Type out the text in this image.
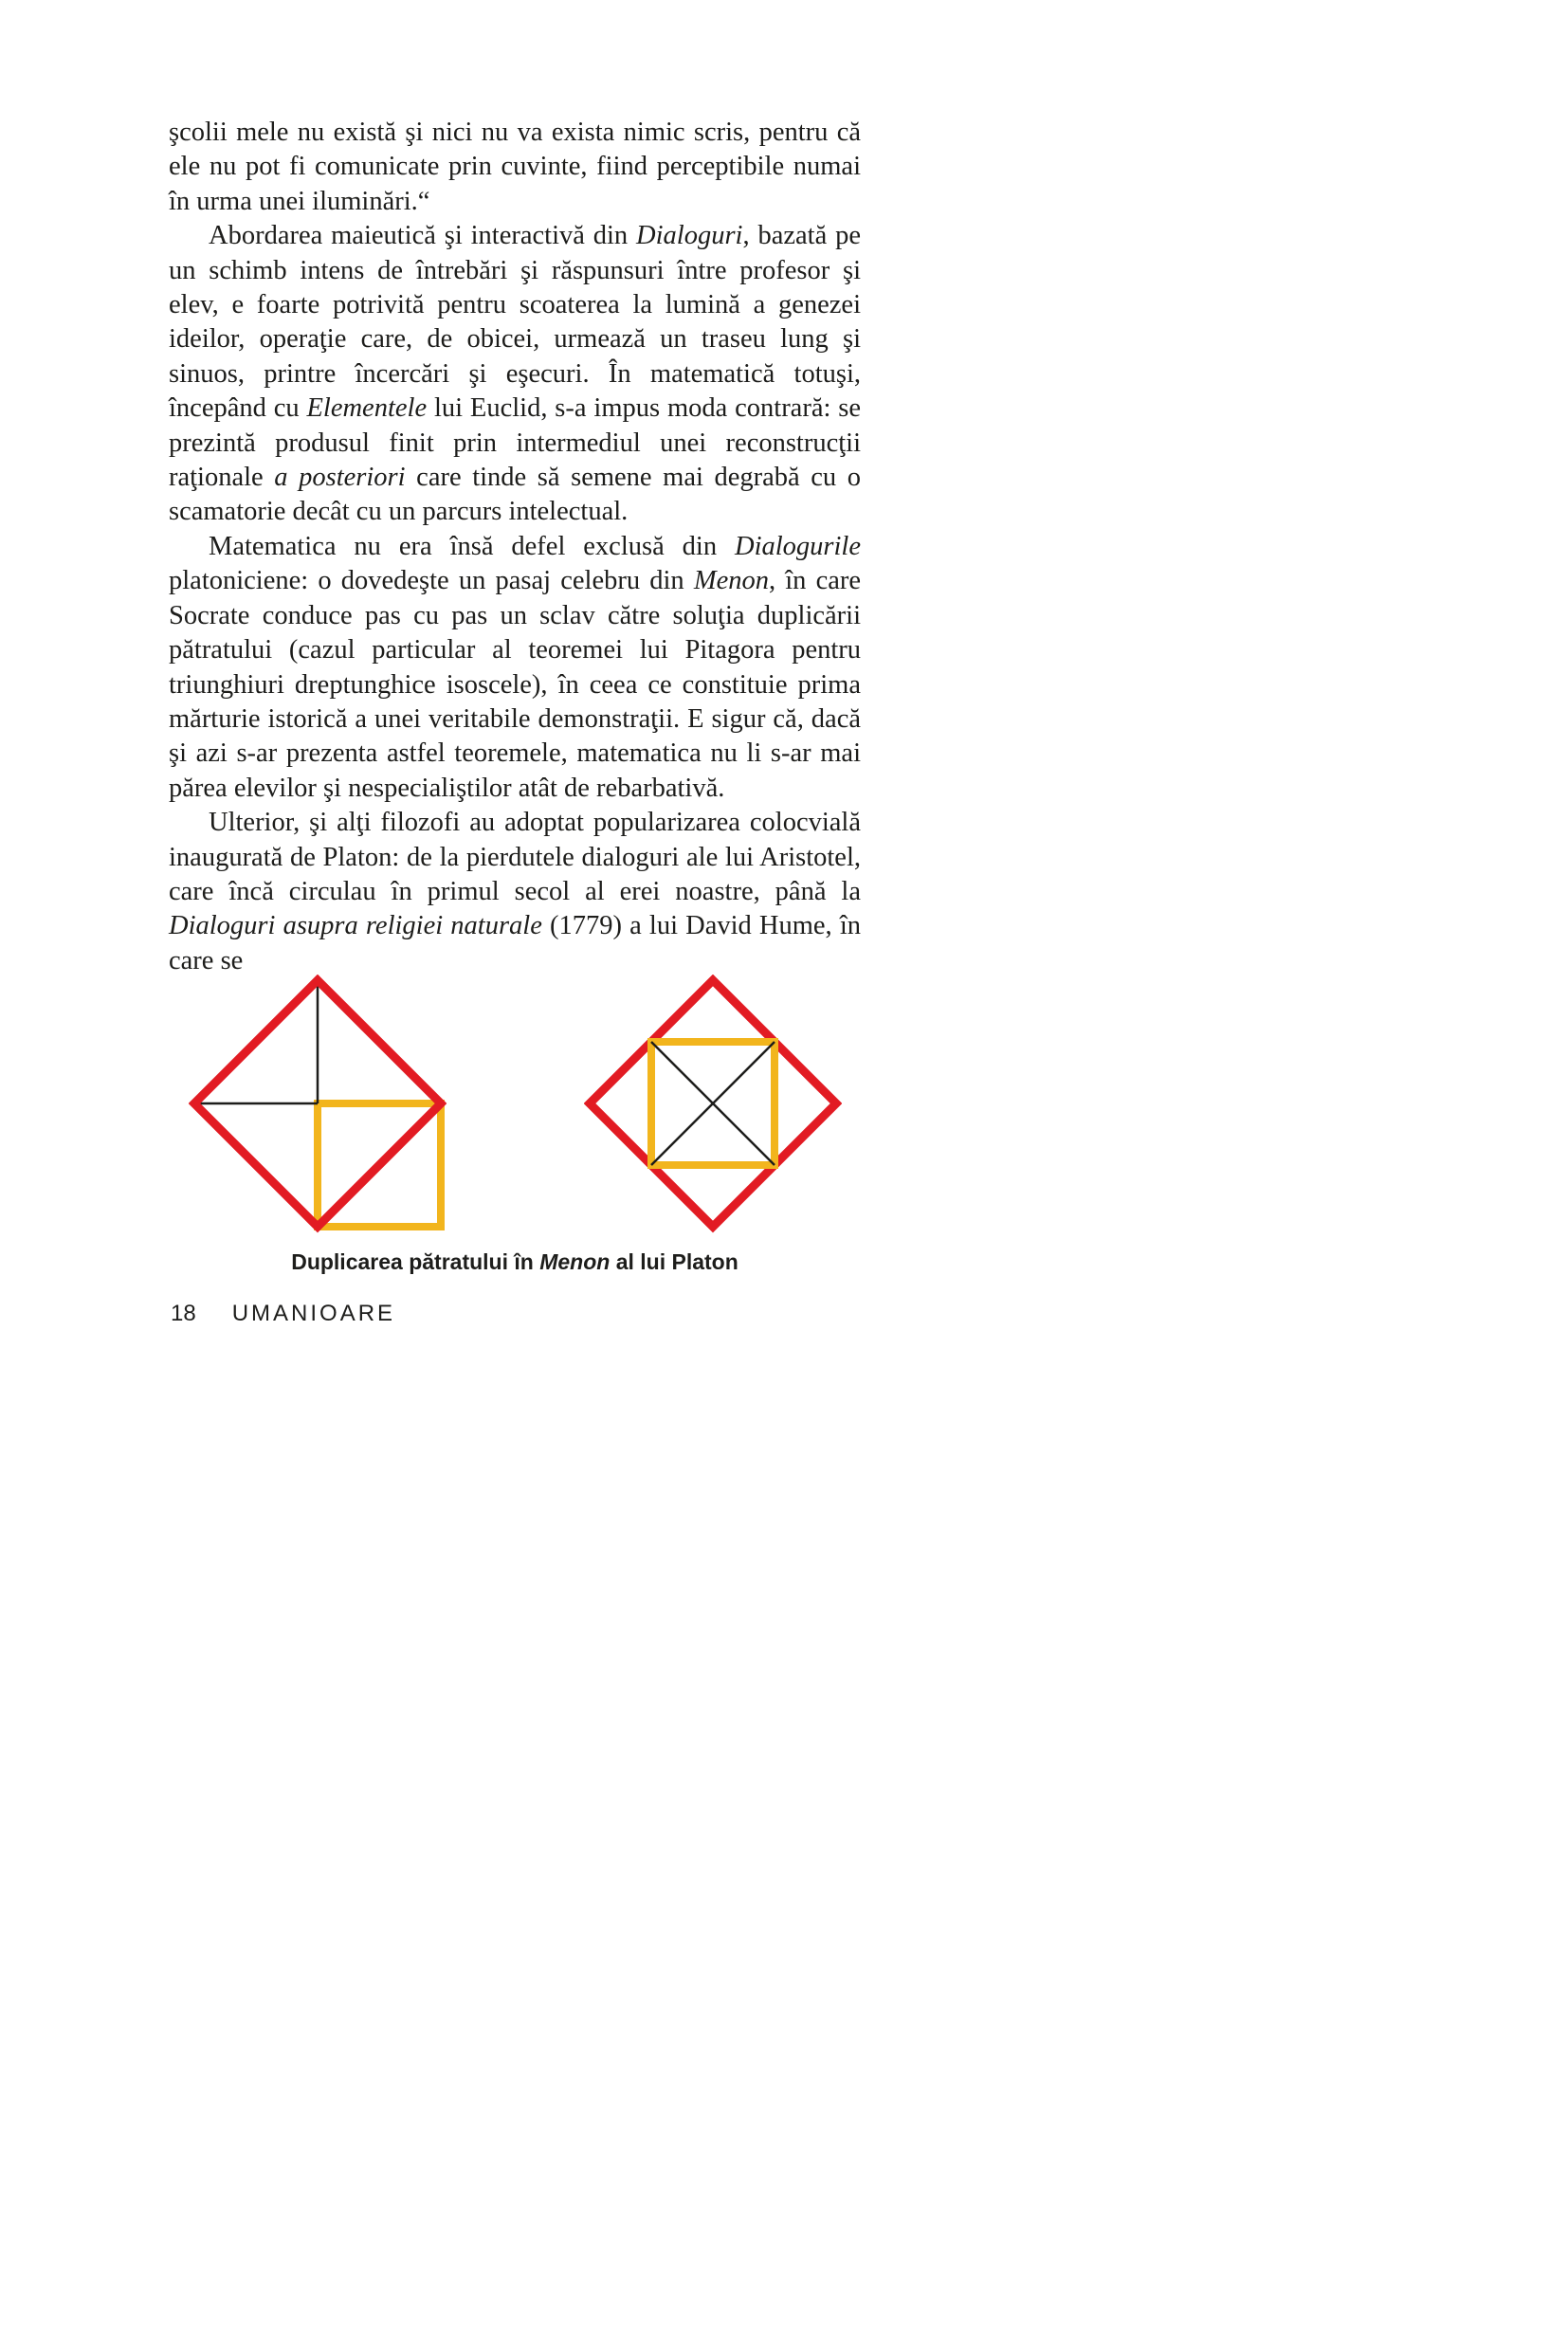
şcolii mele nu există şi nici nu va exista nimic scris, pentru că ele nu pot fi comunicate prin cuvinte, fiind perceptibile numai în urma unei iluminări.“

Abordarea maieutică şi interactivă din Dialoguri, bazată pe un schimb intens de întrebări şi răspunsuri între profesor şi elev, e foarte potrivită pentru scoaterea la lumină a genezei ideilor, operaţie care, de obicei, urmează un traseu lung şi sinuos, printre încercări şi eşecuri. În matematică totuşi, începând cu Elementele lui Euclid, s-a impus moda contrară: se prezintă produsul finit prin intermediul unei reconstrucţii raţionale a posteriori care tinde să semene mai degrabă cu o scamatorie decât cu un parcurs intelectual.

Matematica nu era însă defel exclusă din Dialogurile platoniciene: o dovedeşte un pasaj celebru din Menon, în care Socrate conduce pas cu pas un sclav către soluţia duplicării pătratului (cazul particular al teoremei lui Pitagora pentru triunghiuri dreptunghice isoscele), în ceea ce constituie prima mărturie istorică a unei veritabile demonstraţii. E sigur că, dacă şi azi s-ar prezenta astfel teoremele, matematica nu li s-ar mai părea elevilor şi nespecialiştilor atât de rebarbativă.

Ulterior, şi alţi filozofi au adoptat popularizarea colocvială inaugurată de Platon: de la pierdutele dialoguri ale lui Aristotel, care încă circulau în primul secol al erei noastre, până la Dialoguri asupra religiei naturale (1779) a lui David Hume, în care se

Duplicarea pătratului în Menon al lui Platon
18 UMANIOARE
